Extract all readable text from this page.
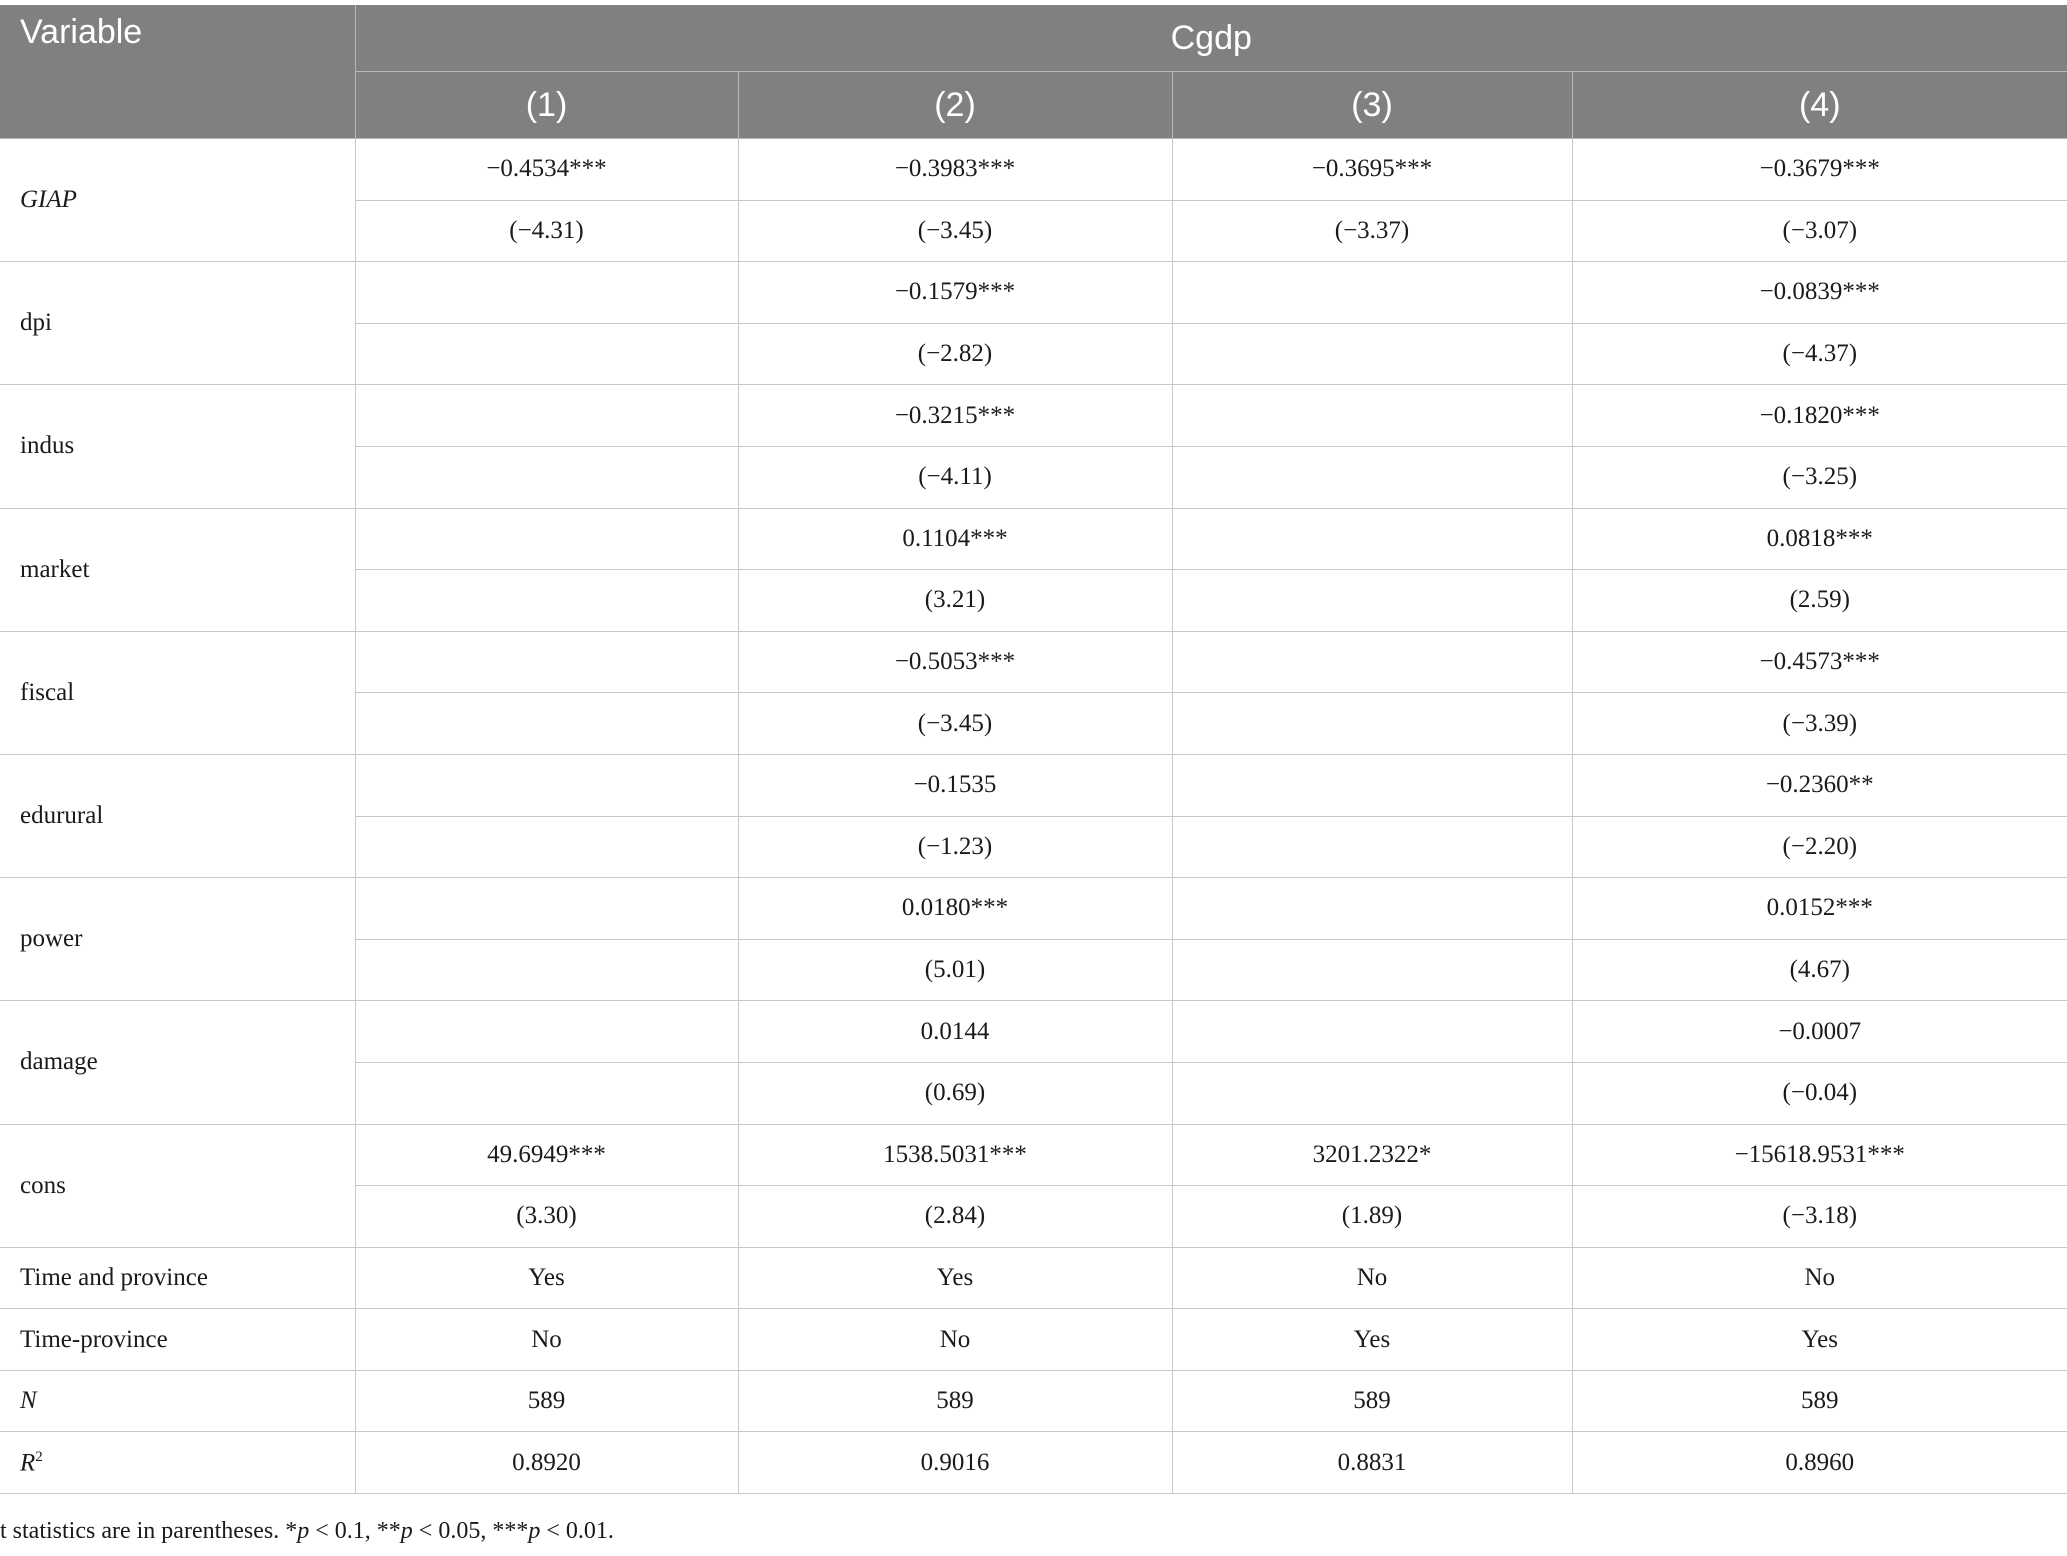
Variable	Cgdp			
	(1)	(2)	(3)	(4)
GIAP	−0.4534***	−0.3983***	−0.3695***	−0.3679***
	(−4.31)	(−3.45)	(−3.37)	(−3.07)
dpi		−0.1579***		−0.0839***
		(−2.82)		(−4.37)
indus		−0.3215***		−0.1820***
		(−4.11)		(−3.25)
market		0.1104***		0.0818***
		(3.21)		(2.59)
fiscal		−0.5053***		−0.4573***
		(−3.45)		(−3.39)
edurural		−0.1535		−0.2360**
		(−1.23)		(−2.20)
power		0.0180***		0.0152***
		(5.01)		(4.67)
damage		0.0144		−0.0007
		(0.69)		(−0.04)
cons	49.6949***	1538.5031***	3201.2322*	−15618.9531***
	(3.30)	(2.84)	(1.89)	(−3.18)
Time and province	Yes	Yes	No	No
Time-province	No	No	Yes	Yes
N	589	589	589	589
$R^2$	0.8920	0.9016	0.8831	0.8960
t statistics are in parentheses. *p < 0.1, **p < 0.05, ***p < 0.01.
